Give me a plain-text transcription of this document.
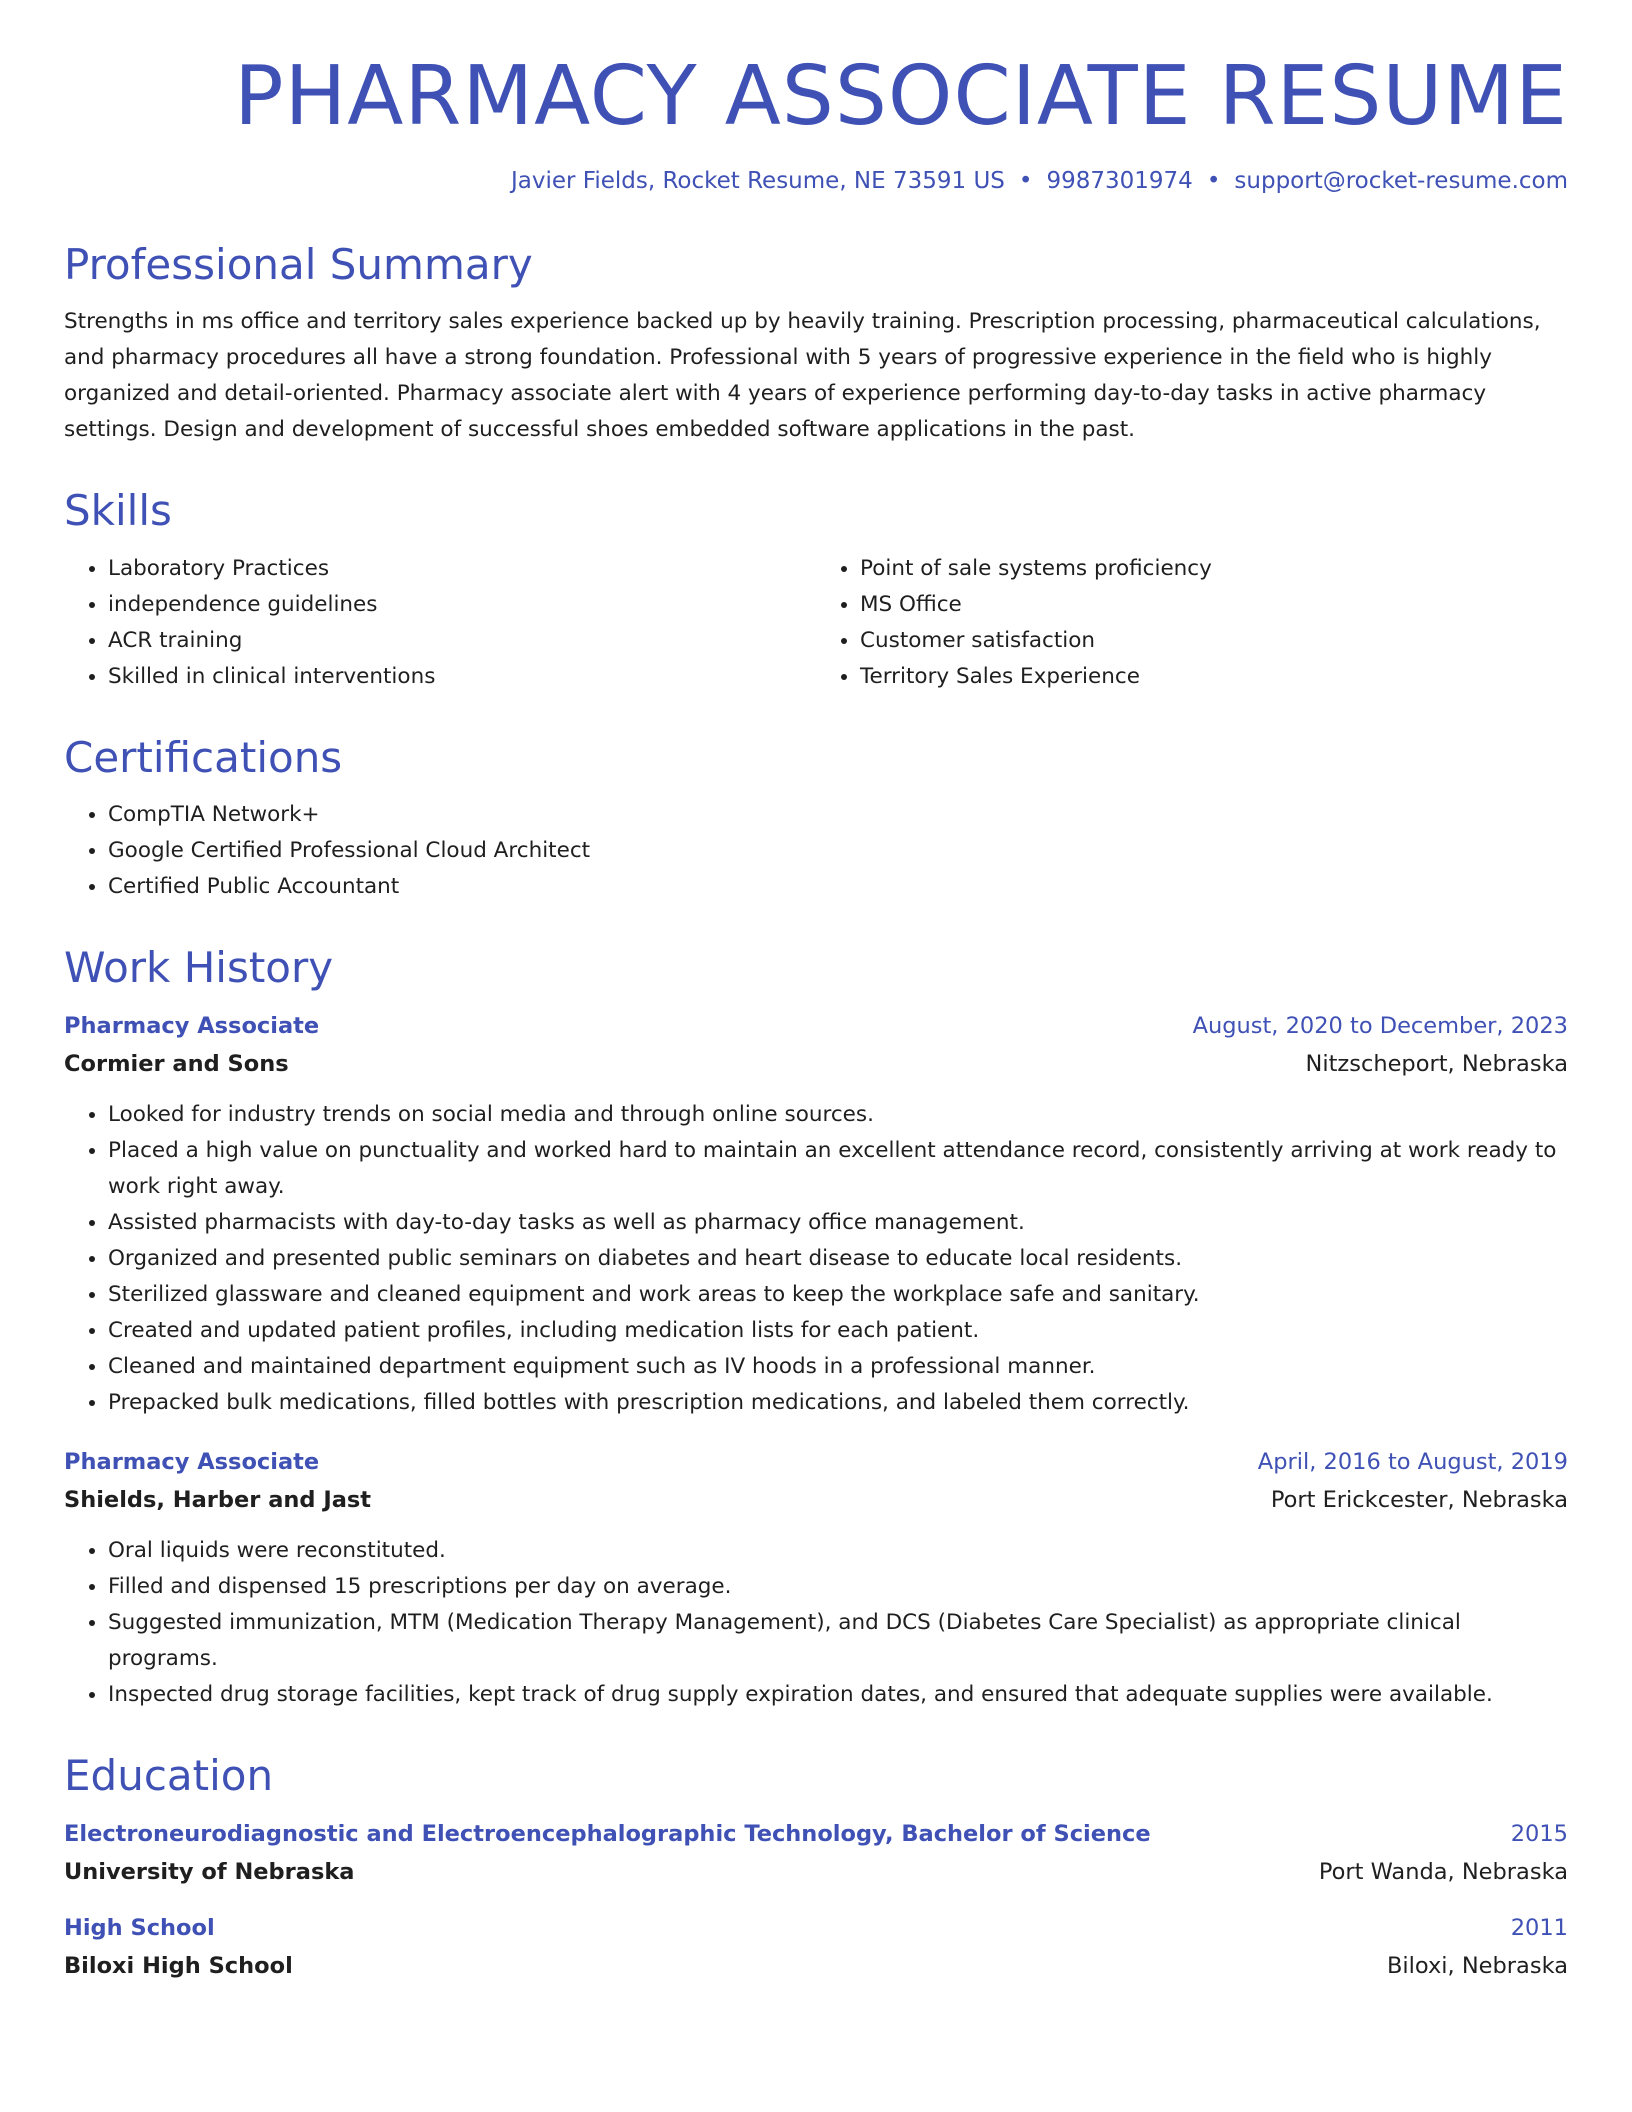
PHARMACY ASSOCIATE RESUME
Javier Fields, Rocket Resume, NE 73591 US • 9987301974 • support@rocket-resume.com
Professional Summary

Strengths in ms office and territory sales experience backed up by heavily training. Prescription processing, pharmaceutical calculations, and pharmacy procedures all have a strong foundation. Professional with 5 years of progressive experience in the field who is highly organized and detail-oriented. Pharmacy associate alert with 4 years of experience performing day-to-day tasks in active pharmacy settings. Design and development of successful shoes embedded software applications in the past.

Skills
• Laboratory Practices
• independence guidelines
• ACR training
• Skilled in clinical interventions
• Point of sale systems proficiency
• MS Office
• Customer satisfaction
• Territory Sales Experience
Certifications
• CompTIA Network+
• Google Certified Professional Cloud Architect
• Certified Public Accountant
Work History
Pharmacy Associate	August, 2020 to December, 2023
Cormier and Sons	Nitzscheport, Nebraska
• Looked for industry trends on social media and through online sources.
• Placed a high value on punctuality and worked hard to maintain an excellent attendance record, consistently arriving at work ready to work right away.
• Assisted pharmacists with day-to-day tasks as well as pharmacy office management.
• Organized and presented public seminars on diabetes and heart disease to educate local residents.
• Sterilized glassware and cleaned equipment and work areas to keep the workplace safe and sanitary.
• Created and updated patient profiles, including medication lists for each patient.
• Cleaned and maintained department equipment such as IV hoods in a professional manner.
• Prepacked bulk medications, filled bottles with prescription medications, and labeled them correctly.
Pharmacy Associate	April, 2016 to August, 2019
Shields, Harber and Jast	Port Erickcester, Nebraska
• Oral liquids were reconstituted.
• Filled and dispensed 15 prescriptions per day on average.
• Suggested immunization, MTM (Medication Therapy Management), and DCS (Diabetes Care Specialist) as appropriate clinical programs.
• Inspected drug storage facilities, kept track of drug supply expiration dates, and ensured that adequate supplies were available.
Education
Electroneurodiagnostic and Electroencephalographic Technology, Bachelor of Science	2015
University of Nebraska	Port Wanda, Nebraska
High School	2011
Biloxi High School	Biloxi, Nebraska
